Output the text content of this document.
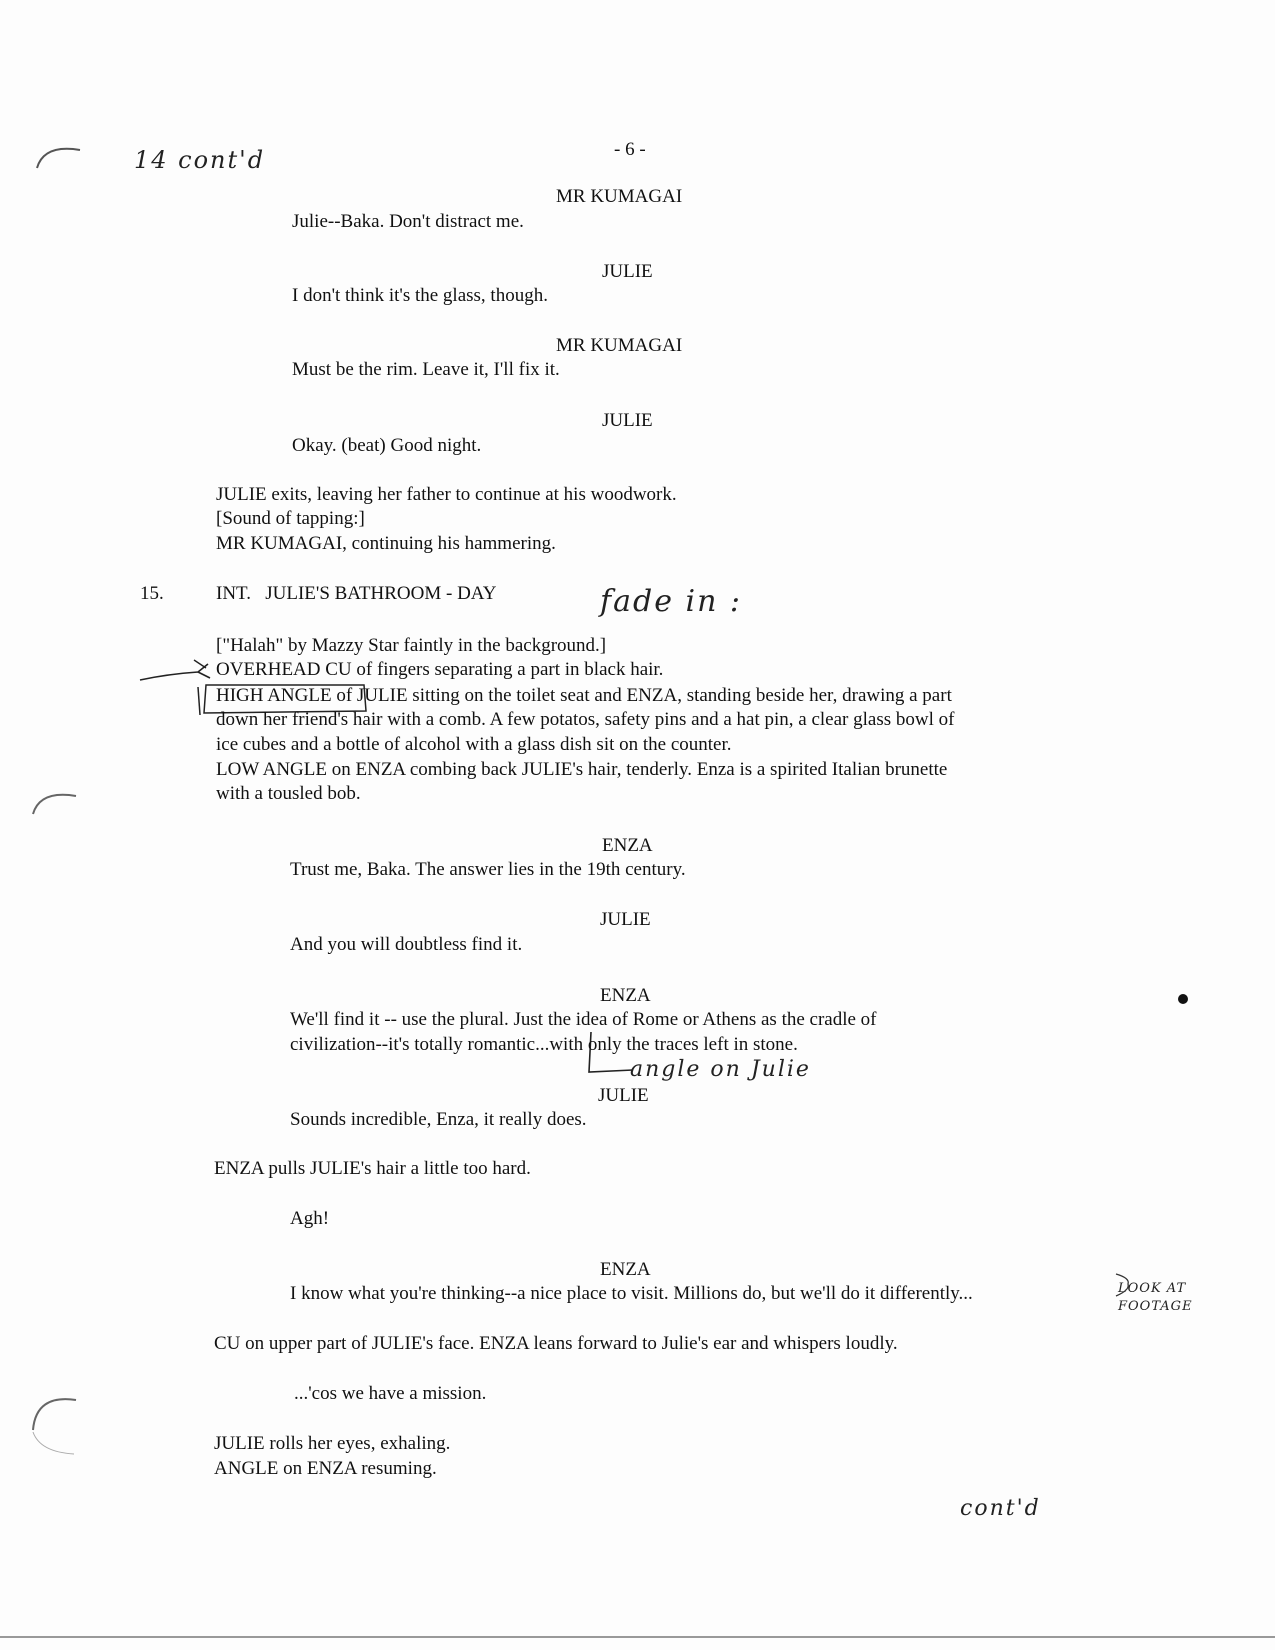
14 cont'd
fade in :
angle on Julie
LOOK AT FOOTAGE
cont'd
- 6 -
MR KUMAGAI
Julie--Baka. Don't distract me.
JULIE
I don't think it's the glass, though.
MR KUMAGAI
Must be the rim. Leave it, I'll fix it.
JULIE
Okay. (beat) Good night.
JULIE exits, leaving her father to continue at his woodwork.
[Sound of tapping:]
MR KUMAGAI, continuing his hammering.
15.	INT.   JULIE'S BATHROOM - DAY
["Halah" by Mazzy Star faintly in the background.]
OVERHEAD CU of fingers separating a part in black hair.
HIGH ANGLE of JULIE sitting on the toilet seat and ENZA, standing beside her, drawing a part
down her friend's hair with a comb. A few potatos, safety pins and a hat pin, a clear glass bowl of
ice cubes and a bottle of alcohol with a glass dish sit on the counter.
LOW ANGLE on ENZA combing back JULIE's hair, tenderly. Enza is a spirited Italian brunette
with a tousled bob.
ENZA
Trust me, Baka. The answer lies in the 19th century.
JULIE
And you will doubtless find it.
ENZA
We'll find it -- use the plural. Just the idea of Rome or Athens as the cradle of
civilization--it's totally romantic...with only the traces left in stone.
JULIE
Sounds incredible, Enza, it really does.
ENZA pulls JULIE's hair a little too hard.
Agh!
ENZA
I know what you're thinking--a nice place to visit. Millions do, but we'll do it differently...
CU on upper part of JULIE's face. ENZA leans forward to Julie's ear and whispers loudly.
...'cos we have a mission.
JULIE rolls her eyes, exhaling.
ANGLE on ENZA resuming.
